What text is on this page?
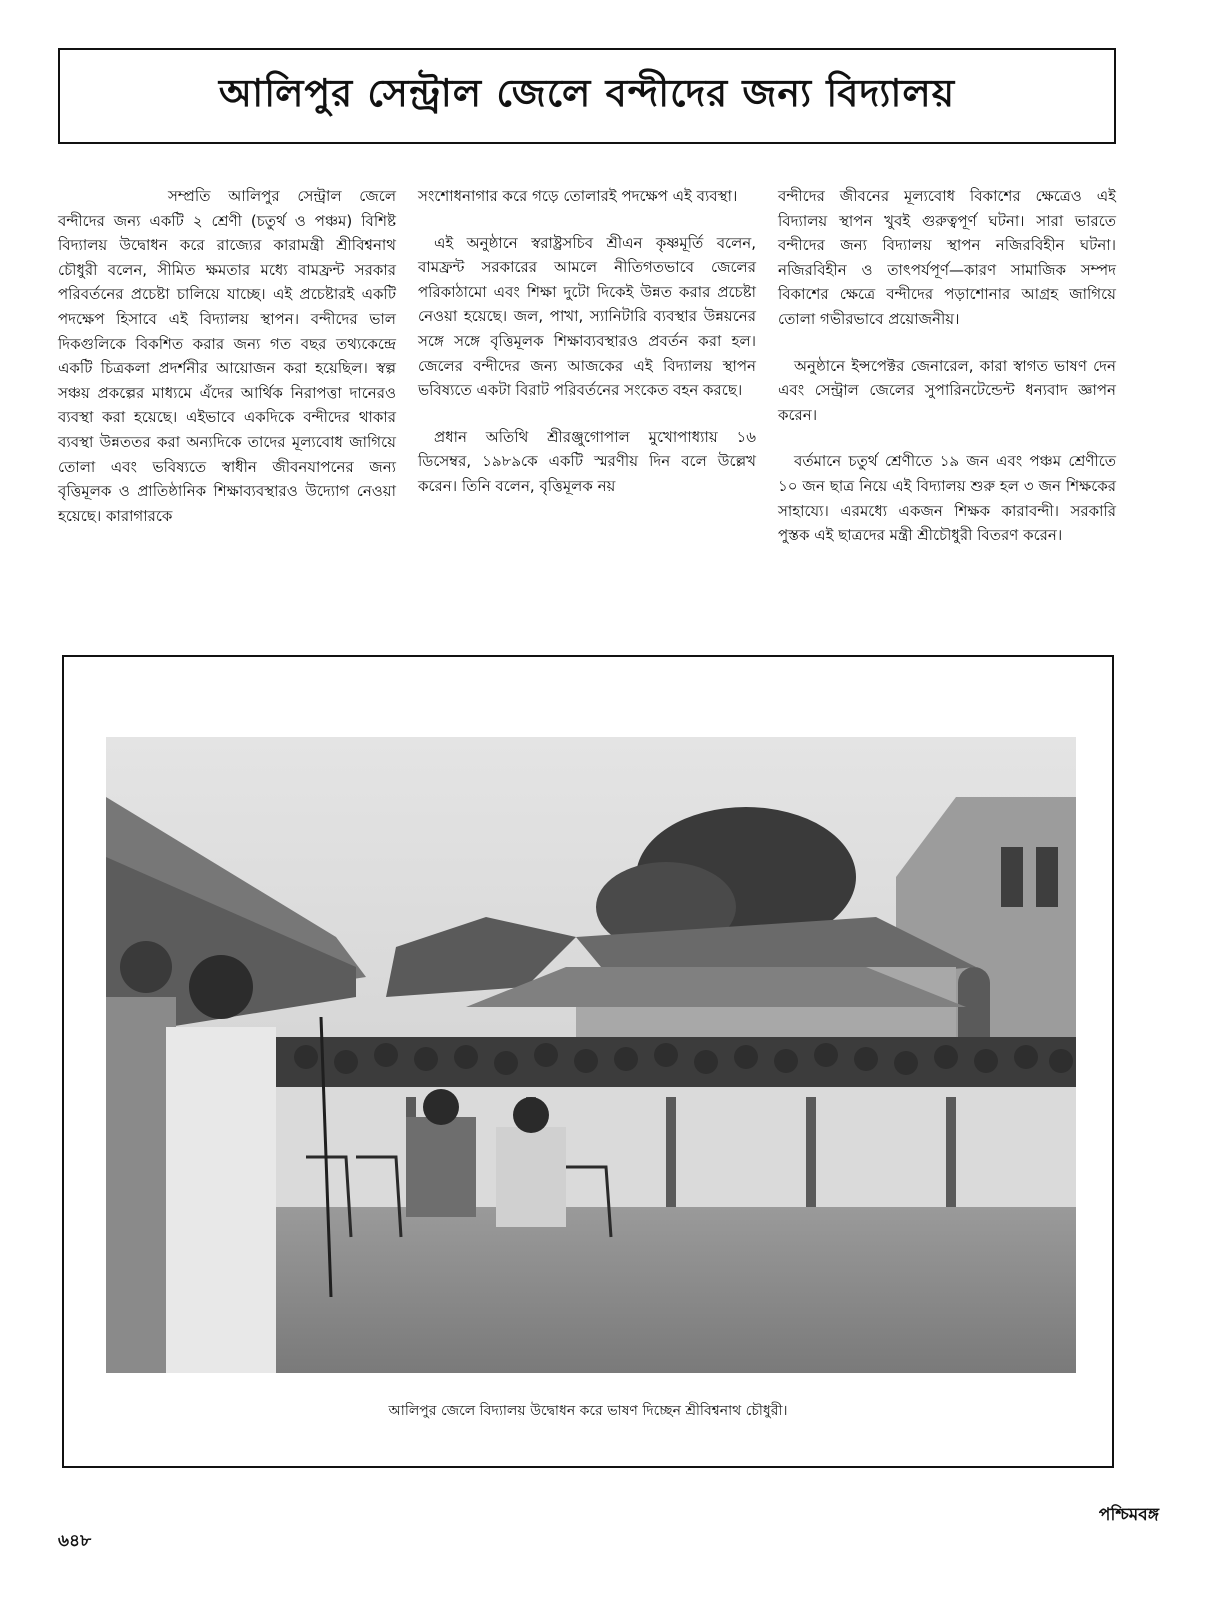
আলিপুর সেন্ট্রাল জেলে বন্দীদের জন্য বিদ্যালয়

সম্প্রতি আলিপুর সেন্ট্রাল জেলে বন্দীদের জন্য একটি ২ শ্রেণী (চতুর্থ ও পঞ্চম) বিশিষ্ট বিদ্যালয় উদ্বোধন করে রাজ্যের কারামন্ত্রী শ্রীবিশ্বনাথ চৌধুরী বলেন, সীমিত ক্ষমতার মধ্যে বামফ্রন্ট সরকার পরিবর্তনের প্রচেষ্টা চালিয়ে যাচ্ছে। এই প্রচেষ্টারই একটি পদক্ষেপ হিসাবে এই বিদ্যালয় স্থাপন। বন্দীদের ভাল দিকগুলিকে বিকশিত করার জন্য গত বছর তথ্যকেন্দ্রে একটি চিত্রকলা প্রদর্শনীর আয়োজন করা হয়েছিল। স্বল্প সঞ্চয় প্রকল্পের মাধ্যমে এঁদের আর্থিক নিরাপত্তা দানেরও ব্যবস্থা করা হয়েছে। এইভাবে একদিকে বন্দীদের থাকার ব্যবস্থা উন্নততর করা অন্যদিকে তাদের মূল্যবোধ জাগিয়ে তোলা এবং ভবিষ্যতে স্বাধীন জীবনযাপনের জন্য বৃত্তিমূলক ও প্রাতিষ্ঠানিক শিক্ষাব্যবস্থারও উদ্যোগ নেওয়া হয়েছে। কারাগারকে

সংশোধনাগার করে গড়ে তোলারই পদক্ষেপ এই ব্যবস্থা।

এই অনুষ্ঠানে স্বরাষ্ট্রসচিব শ্রীএন কৃষ্ণমূর্তি বলেন, বামফ্রন্ট সরকারের আমলে নীতিগতভাবে জেলের পরিকাঠামো এবং শিক্ষা দুটো দিকেই উন্নত করার প্রচেষ্টা নেওয়া হয়েছে। জল, পাখা, স্যানিটারি ব্যবস্থার উন্নয়নের সঙ্গে সঙ্গে বৃত্তিমূলক শিক্ষাব্যবস্থারও প্রবর্তন করা হল। জেলের বন্দীদের জন্য আজকের এই বিদ্যালয় স্থাপন ভবিষ্যতে একটা বিরাট পরিবর্তনের সংকেত বহন করছে।

প্রধান অতিথি শ্রীরঞ্জুগোপাল মুখোপাধ্যায় ১৬ ডিসেম্বর, ১৯৮৯কে একটি স্মরণীয় দিন বলে উল্লেখ করেন। তিনি বলেন, বৃত্তিমূলক নয়

বন্দীদের জীবনের মূল্যবোধ বিকাশের ক্ষেত্রেও এই বিদ্যালয় স্থাপন খুবই গুরুত্বপূর্ণ ঘটনা। সারা ভারতে বন্দীদের জন্য বিদ্যালয় স্থাপন নজিরবিহীন ঘটনা। নজিরবিহীন ও তাৎপর্যপূর্ণ—কারণ সামাজিক সম্পদ বিকাশের ক্ষেত্রে বন্দীদের পড়াশোনার আগ্রহ জাগিয়ে তোলা গভীরভাবে প্রয়োজনীয়।

অনুষ্ঠানে ইন্সপেক্টর জেনারেল, কারা স্বাগত ভাষণ দেন এবং সেন্ট্রাল জেলের সুপারিনটেন্ডেন্ট ধন্যবাদ জ্ঞাপন করেন।

বর্তমানে চতুর্থ শ্রেণীতে ১৯ জন এবং পঞ্চম শ্রেণীতে ১০ জন ছাত্র নিয়ে এই বিদ্যালয় শুরু হল ৩ জন শিক্ষকের সাহায্যে। এরমধ্যে একজন শিক্ষক কারাবন্দী। সরকারি পুস্তক এই ছাত্রদের মন্ত্রী শ্রীচৌধুরী বিতরণ করেন।

আলিপুর জেলে বিদ্যালয় উদ্বোধন করে ভাষণ দিচ্ছেন শ্রীবিশ্বনাথ চৌধুরী।
৬৪৮
পশ্চিমবঙ্গ
